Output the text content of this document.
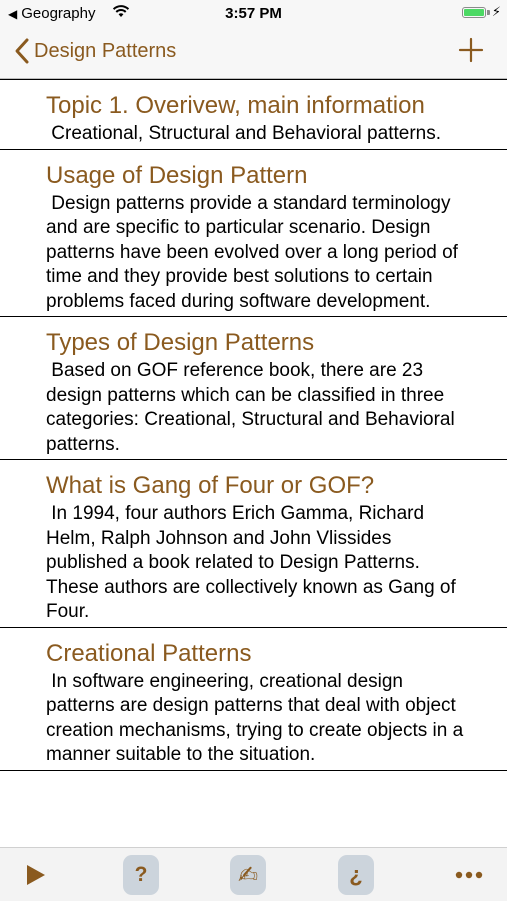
◀ Geography	3:57 PM	⚡
Design Patterns
Topic 1. Overivew, main information
Creational, Structural and Behavioral patterns.
Usage of Design Pattern
Design patterns provide a standard terminology and are specific to particular scenario. Design patterns have been evolved over a long period of time and they provide best solutions to certain problems faced during software development.
Types of Design Patterns
Based on GOF reference book, there are 23 design patterns which can be classified in three categories: Creational, Structural and Behavioral patterns.
What is Gang of Four or GOF?
In 1994, four authors Erich Gamma, Richard Helm, Ralph Johnson and John Vlissides published a book related to Design Patterns. These authors are collectively known as Gang of Four.
Creational Patterns
In software engineering, creational design patterns are design patterns that deal with object creation mechanisms, trying to create objects in a manner suitable to the situation.
?	✍	¿
